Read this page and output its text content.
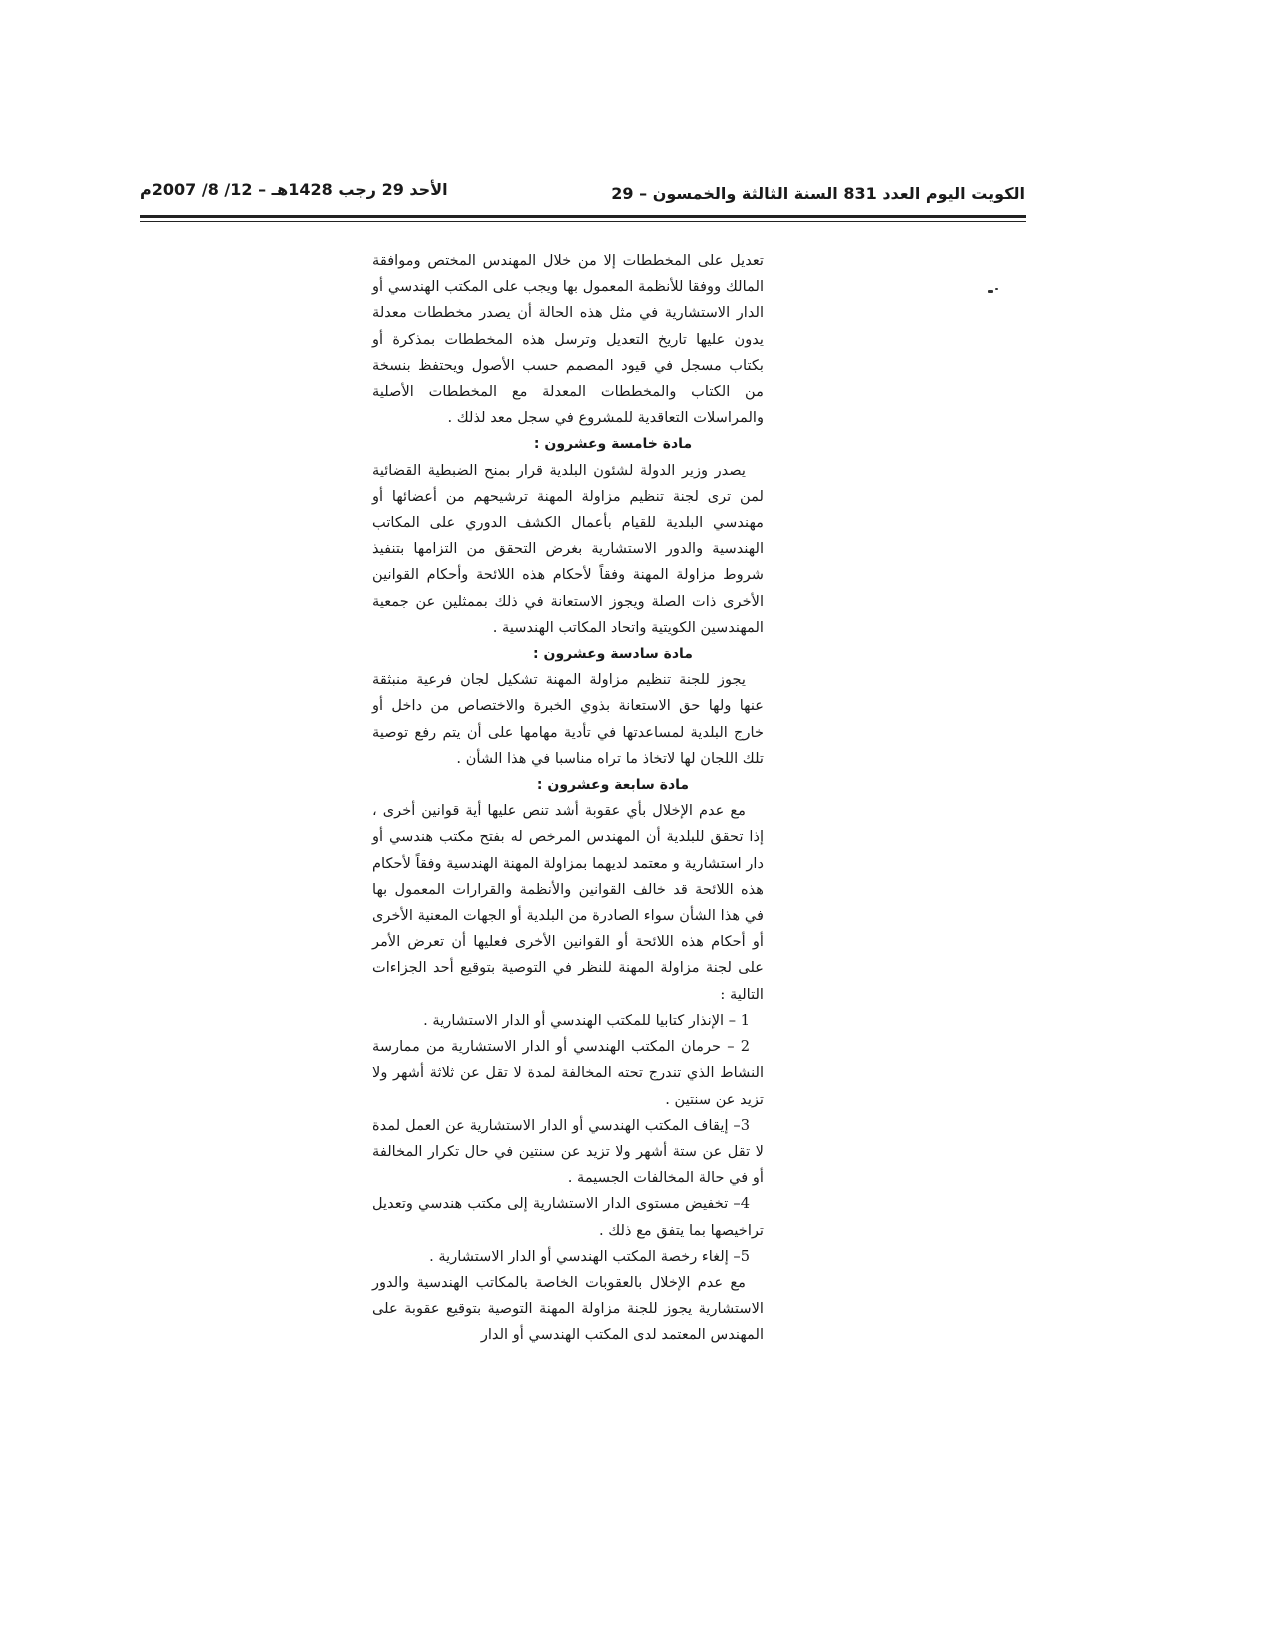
الكويت اليوم العدد 831 السنة الثالثة والخمسون – 29
الأحد 29 رجب 1428هـ – 12/ 8/ 2007م

تعديل على المخططات إلا من خلال المهندس المختص وموافقة المالك ووفقا للأنظمة المعمول بها ويجب على المكتب الهندسي أو الدار الاستشارية في مثل هذه الحالة أن يصدر مخططات معدلة يدون عليها تاريخ التعديل وترسل هذه المخططات بمذكرة أو بكتاب مسجل في قيود المصمم حسب الأصول ويحتفظ بنسخة من الكتاب والمخططات المعدلة مع المخططات الأصلية والمراسلات التعاقدية للمشروع في سجل معد لذلك .

مادة خامسة وعشرون :

يصدر وزير الدولة لشئون البلدية قرار بمنح الضبطية القضائية لمن ترى لجنة تنظيم مزاولة المهنة ترشيحهم من أعضائها أو مهندسي البلدية للقيام بأعمال الكشف الدوري على المكاتب الهندسية والدور الاستشارية بغرض التحقق من التزامها بتنفيذ شروط مزاولة المهنة وفقاً لأحكام هذه اللائحة وأحكام القوانين الأخرى ذات الصلة ويجوز الاستعانة في ذلك بممثلين عن جمعية المهندسين الكويتية واتحاد المكاتب الهندسية .

مادة سادسة وعشرون :

يجوز للجنة تنظيم مزاولة المهنة تشكيل لجان فرعية منبثقة عنها ولها حق الاستعانة بذوي الخبرة والاختصاص من داخل أو خارج البلدية لمساعدتها في تأدية مهامها على أن يتم رفع توصية تلك اللجان لها لاتخاذ ما تراه مناسبا في هذا الشأن .

مادة سابعة وعشرون :

مع عدم الإخلال بأي عقوبة أشد تنص عليها أية قوانين أخرى ، إذا تحقق للبلدية أن المهندس المرخص له بفتح مكتب هندسي أو دار استشارية و معتمد لديهما بمزاولة المهنة الهندسية وفقاً لأحكام هذه اللائحة قد خالف القوانين والأنظمة والقرارات المعمول بها في هذا الشأن سواء الصادرة من البلدية أو الجهات المعنية الأخرى أو أحكام هذه اللائحة أو القوانين الأخرى فعليها أن تعرض الأمر على لجنة مزاولة المهنة للنظر في التوصية بتوقيع أحد الجزاءات التالية :

1 – الإنذار كتابيا للمكتب الهندسي أو الدار الاستشارية .

2 – حرمان المكتب الهندسي أو الدار الاستشارية من ممارسة النشاط الذي تندرج تحته المخالفة لمدة لا تقل عن ثلاثة أشهر ولا تزيد عن سنتين .

3– إيقاف المكتب الهندسي أو الدار الاستشارية عن العمل لمدة لا تقل عن ستة أشهر ولا تزيد عن سنتين في حال تكرار المخالفة أو في حالة المخالفات الجسيمة .

4– تخفيض مستوى الدار الاستشارية إلى مكتب هندسي وتعديل تراخيصها بما يتفق مع ذلك .

5– إلغاء رخصة المكتب الهندسي أو الدار الاستشارية .

مع عدم الإخلال بالعقوبات الخاصة بالمكاتب الهندسية والدور الاستشارية يجوز للجنة مزاولة المهنة التوصية بتوقيع عقوبة على المهندس المعتمد لدى المكتب الهندسي أو الدار
